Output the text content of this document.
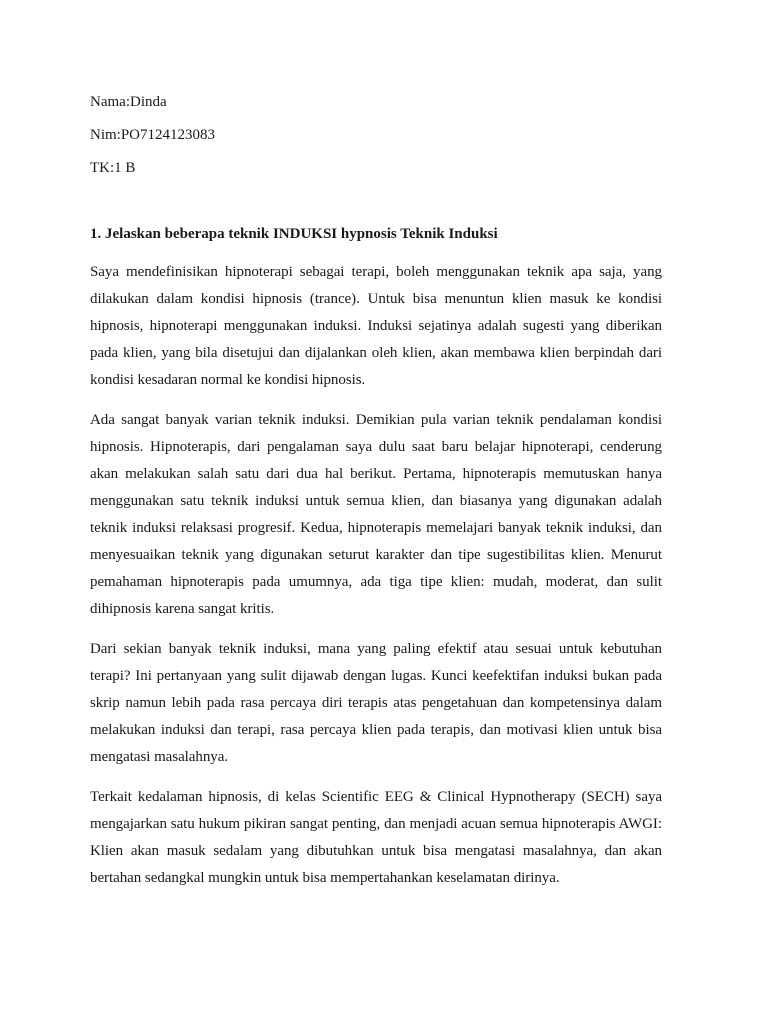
Nama:Dinda

Nim:PO7124123083

TK:1 B

1. Jelaskan beberapa teknik INDUKSI hypnosis Teknik Induksi

Saya mendefinisikan hipnoterapi sebagai terapi, boleh menggunakan teknik apa saja, yang dilakukan dalam kondisi hipnosis (trance). Untuk bisa menuntun klien masuk ke kondisi hipnosis, hipnoterapi menggunakan induksi. Induksi sejatinya adalah sugesti yang diberikan pada klien, yang bila disetujui dan dijalankan oleh klien, akan membawa klien berpindah dari kondisi kesadaran normal ke kondisi hipnosis.

Ada sangat banyak varian teknik induksi. Demikian pula varian teknik pendalaman kondisi hipnosis. Hipnoterapis, dari pengalaman saya dulu saat baru belajar hipnoterapi, cenderung akan melakukan salah satu dari dua hal berikut. Pertama, hipnoterapis memutuskan hanya menggunakan satu teknik induksi untuk semua klien, dan biasanya yang digunakan adalah teknik induksi relaksasi progresif. Kedua, hipnoterapis memelajari banyak teknik induksi, dan menyesuaikan teknik yang digunakan seturut karakter dan tipe sugestibilitas klien. Menurut pemahaman hipnoterapis pada umumnya, ada tiga tipe klien: mudah, moderat, dan sulit dihipnosis karena sangat kritis.

Dari sekian banyak teknik induksi, mana yang paling efektif atau sesuai untuk kebutuhan terapi? Ini pertanyaan yang sulit dijawab dengan lugas. Kunci keefektifan induksi bukan pada skrip namun lebih pada rasa percaya diri terapis atas pengetahuan dan kompetensinya dalam melakukan induksi dan terapi, rasa percaya klien pada terapis, dan motivasi klien untuk bisa mengatasi masalahnya.

Terkait kedalaman hipnosis, di kelas Scientific EEG & Clinical Hypnotherapy (SECH) saya mengajarkan satu hukum pikiran sangat penting, dan menjadi acuan semua hipnoterapis AWGI: Klien akan masuk sedalam yang dibutuhkan untuk bisa mengatasi masalahnya, dan akan bertahan sedangkal mungkin untuk bisa mempertahankan keselamatan dirinya.
